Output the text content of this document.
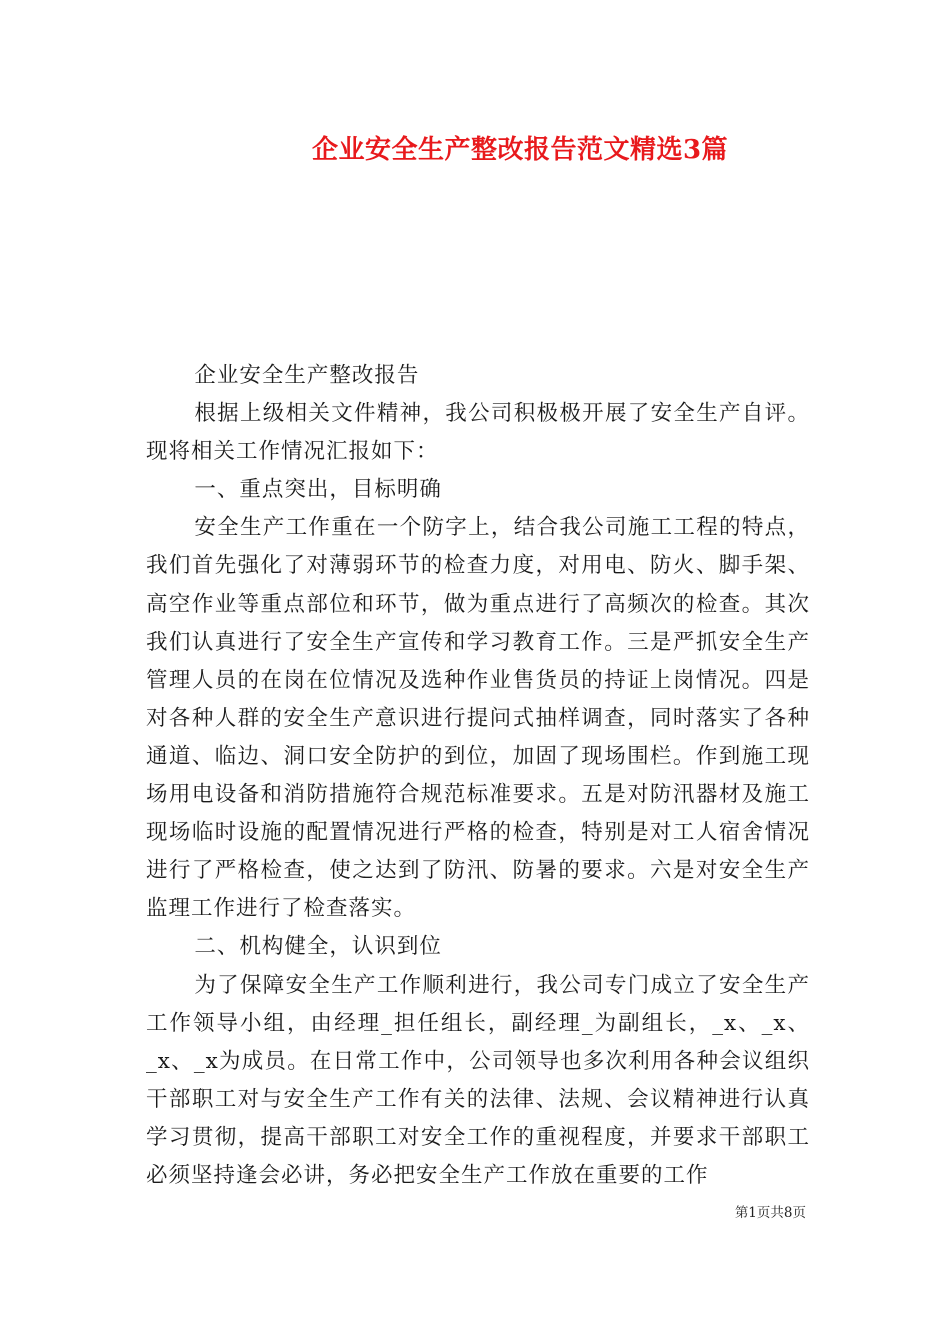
企业安全生产整改报告范文精选3篇

企业安全生产整改报告

根据上级相关文件精神，我公司积极极开展了安全生产自评。现将相关工作情况汇报如下：

一、重点突出，目标明确

安全生产工作重在一个防字上，结合我公司施工工程的特点，我们首先强化了对薄弱环节的检查力度，对用电、防火、脚手架、高空作业等重点部位和环节，做为重点进行了高频次的检查。其次我们认真进行了安全生产宣传和学习教育工作。三是严抓安全生产管理人员的在岗在位情况及选种作业售货员的持证上岗情况。四是对各种人群的安全生产意识进行提问式抽样调查，同时落实了各种通道、临边、洞口安全防护的到位，加固了现场围栏。作到施工现场用电设备和消防措施符合规范标准要求。五是对防汛器材及施工现场临时设施的配置情况进行严格的检查，特别是对工人宿舍情况进行了严格检查，使之达到了防汛、防暑的要求。六是对安全生产监理工作进行了检查落实。

二、机构健全，认识到位

为了保障安全生产工作顺利进行，我公司专门成立了安全生产工作领导小组，由经理_担任组长，副经理_为副组长，_x、_x、_x、_x为成员。在日常工作中，公司领导也多次利用各种会议组织干部职工对与安全生产工作有关的法律、法规、会议精神进行认真学习贯彻，提高干部职工对安全工作的重视程度，并要求干部职工必须坚持逢会必讲，务必把安全生产工作放在重要的工作

第1页共8页
